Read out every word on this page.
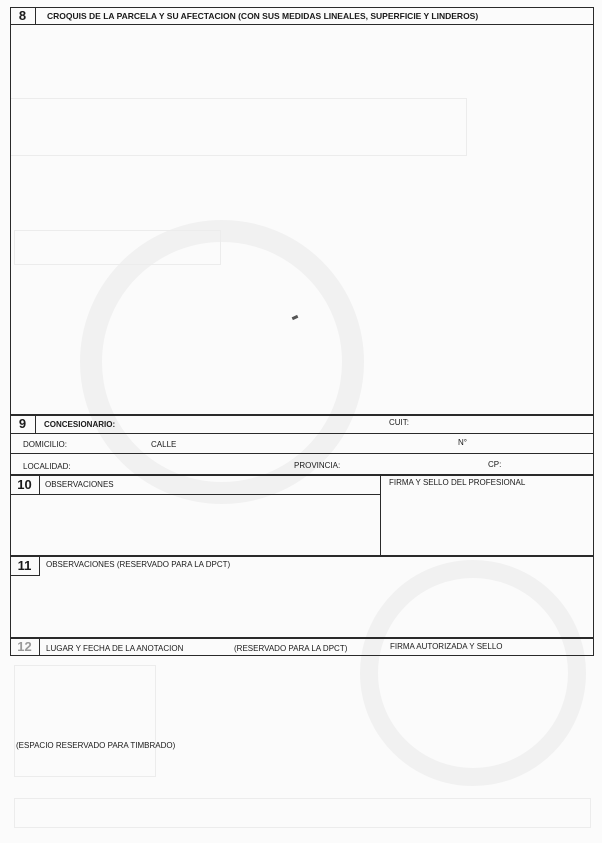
8	CROQUIS DE LA PARCELA Y SU AFECTACION (CON SUS MEDIDAS LINEALES, SUPERFICIE Y LINDEROS)
9	CONCESIONARIO:	CUIT:
DOMICILIO:	CALLE	N°
LOCALIDAD:	PROVINCIA:	CP:
10	OBSERVACIONES	FIRMA Y SELLO DEL PROFESIONAL
11	OBSERVACIONES (RESERVADO PARA LA DPCT)
12	LUGAR Y FECHA DE LA ANOTACION	(RESERVADO PARA LA DPCT)	FIRMA AUTORIZADA Y SELLO
(ESPACIO RESERVADO PARA TIMBRADO)
